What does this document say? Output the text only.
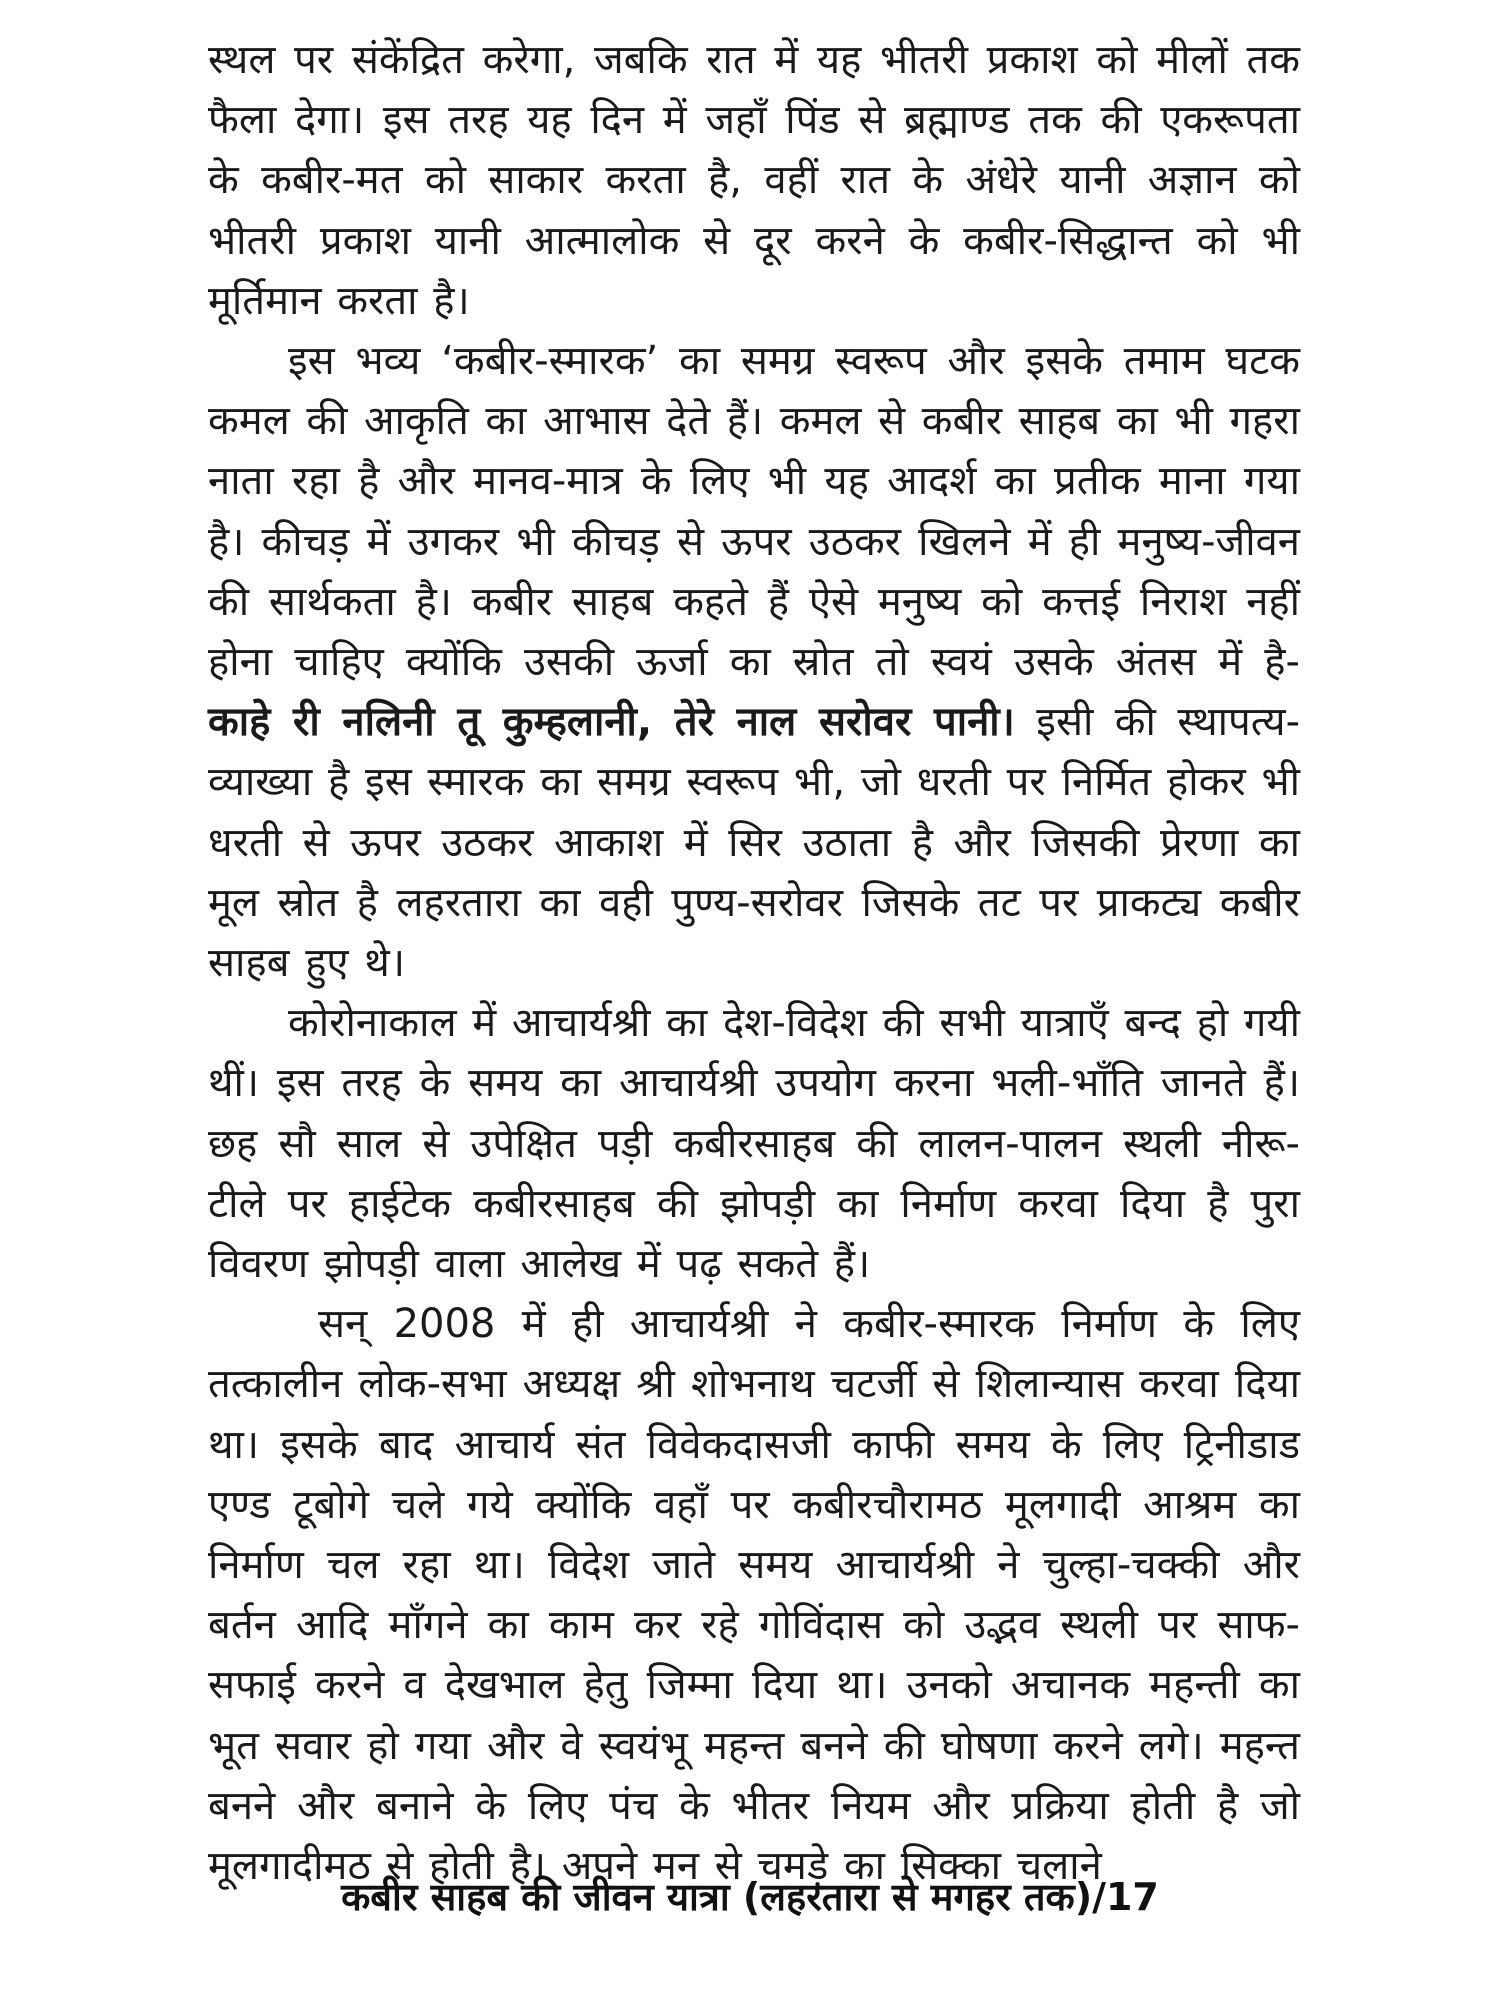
स्थल पर संकेंद्रित करेगा, जबकि रात में यह भीतरी प्रकाश को मीलों तक फैला देगा। इस तरह यह दिन में जहाँ पिंड से ब्रह्माण्ड तक की एकरूपता के कबीर-मत को साकार करता है, वहीं रात के अंधेरे यानी अज्ञान को भीतरी प्रकाश यानी आत्मालोक से दूर करने के कबीर-सिद्धान्त को भी मूर्तिमान करता है।

इस भव्य ‘कबीर-स्मारक’ का समग्र स्वरूप और इसके तमाम घटक कमल की आकृति का आभास देते हैं। कमल से कबीर साहब का भी गहरा नाता रहा है और मानव-मात्र के लिए भी यह आदर्श का प्रतीक माना गया है। कीचड़ में उगकर भी कीचड़ से ऊपर उठकर खिलने में ही मनुष्य-जीवन की सार्थकता है। कबीर साहब कहते हैं ऐसे मनुष्य को कत्तई निराश नहीं होना चाहिए क्योंकि उसकी ऊर्जा का स्रोत तो स्वयं उसके अंतस में है- काहे री नलिनी तू कुम्हलानी, तेरे नाल सरोवर पानी। इसी की स्थापत्य-व्याख्या है इस स्मारक का समग्र स्वरूप भी, जो धरती पर निर्मित होकर भी धरती से ऊपर उठकर आकाश में सिर उठाता है और जिसकी प्रेरणा का मूल स्रोत है लहरतारा का वही पुण्य-सरोवर जिसके तट पर प्राकट्य कबीर साहब हुए थे।

कोरोनाकाल में आचार्यश्री का देश-विदेश की सभी यात्राएँ बन्द हो गयी थीं। इस तरह के समय का आचार्यश्री उपयोग करना भली-भाँति जानते हैं। छह सौ साल से उपेक्षित पड़ी कबीरसाहब की लालन-पालन स्थली नीरू-टीले पर हाईटेक कबीरसाहब की झोपड़ी का निर्माण करवा दिया है पुरा विवरण झोपड़ी वाला आलेख में पढ़ सकते हैं।

सन् 2008 में ही आचार्यश्री ने कबीर-स्मारक निर्माण के लिए तत्कालीन लोक-सभा अध्यक्ष श्री शोभनाथ चटर्जी से शिलान्यास करवा दिया था। इसके बाद आचार्य संत विवेकदासजी काफी समय के लिए ट्रिनीडाड एण्ड टूबोगे चले गये क्योंकि वहाँ पर कबीरचौरामठ मूलगादी आश्रम का निर्माण चल रहा था। विदेश जाते समय आचार्यश्री ने चुल्हा-चक्की और बर्तन आदि माँगने का काम कर रहे गोविंदास को उद्भव स्थली पर साफ-सफाई करने व देखभाल हेतु जिम्मा दिया था। उनको अचानक महन्ती का भूत सवार हो गया और वे स्वयंभू महन्त बनने की घोषणा करने लगे। महन्त बनने और बनाने के लिए पंच के भीतर नियम और प्रक्रिया होती है जो मूलगादीमठ से होती है। अपने मन से चमड़े का सिक्का चलाने

कबीर साहब की जीवन यात्रा (लहरतारा से मगहर तक)/17
